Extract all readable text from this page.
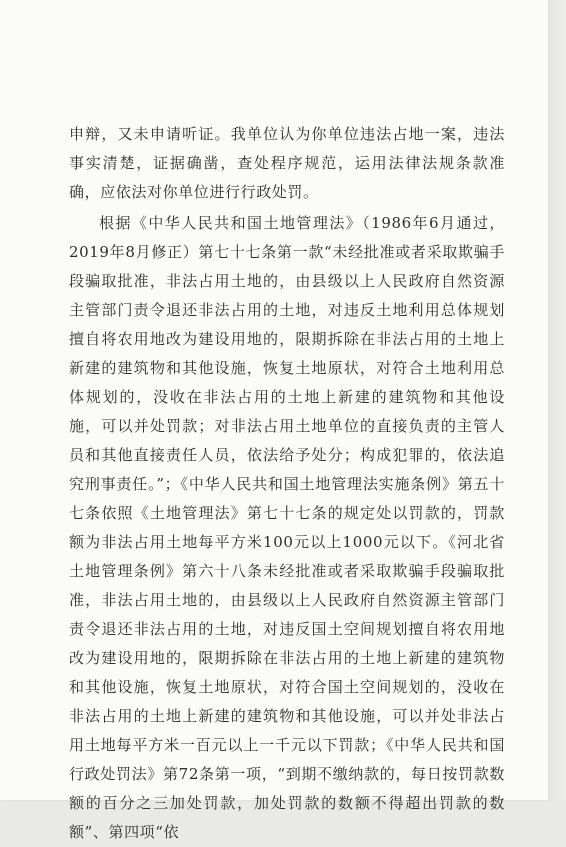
申辩，又未申请听证。我单位认为你单位违法占地一案，违法事实清楚，证据确凿，查处程序规范，运用法律法规条款准确，应依法对你单位进行行政处罚。

根据《中华人民共和国土地管理法》（1986年6月通过，2019年8月修正）第七十七条第一款“未经批准或者采取欺骗手段骗取批准，非法占用土地的，由县级以上人民政府自然资源主管部门责令退还非法占用的土地，对违反土地利用总体规划擅自将农用地改为建设用地的，限期拆除在非法占用的土地上新建的建筑物和其他设施，恢复土地原状，对符合土地利用总体规划的，没收在非法占用的土地上新建的建筑物和其他设施，可以并处罚款；对非法占用土地单位的直接负责的主管人员和其他直接责任人员，依法给予处分；构成犯罪的，依法追究刑事责任。”；《中华人民共和国土地管理法实施条例》第五十七条依照《土地管理法》第七十七条的规定处以罚款的，罚款额为非法占用土地每平方米100元以上1000元以下。《河北省土地管理条例》第六十八条未经批准或者采取欺骗手段骗取批准，非法占用土地的，由县级以上人民政府自然资源主管部门责令退还非法占用的土地，对违反国土空间规划擅自将农用地改为建设用地的，限期拆除在非法占用的土地上新建的建筑物和其他设施，恢复土地原状，对符合国土空间规划的，没收在非法占用的土地上新建的建筑物和其他设施，可以并处非法占用土地每平方米一百元以上一千元以下罚款；《中华人民共和国行政处罚法》第72条第一项，“到期不缴纳款的，每日按罚款数额的百分之三加处罚款，加处罚款的数额不得超出罚款的数额”、第四项“依
